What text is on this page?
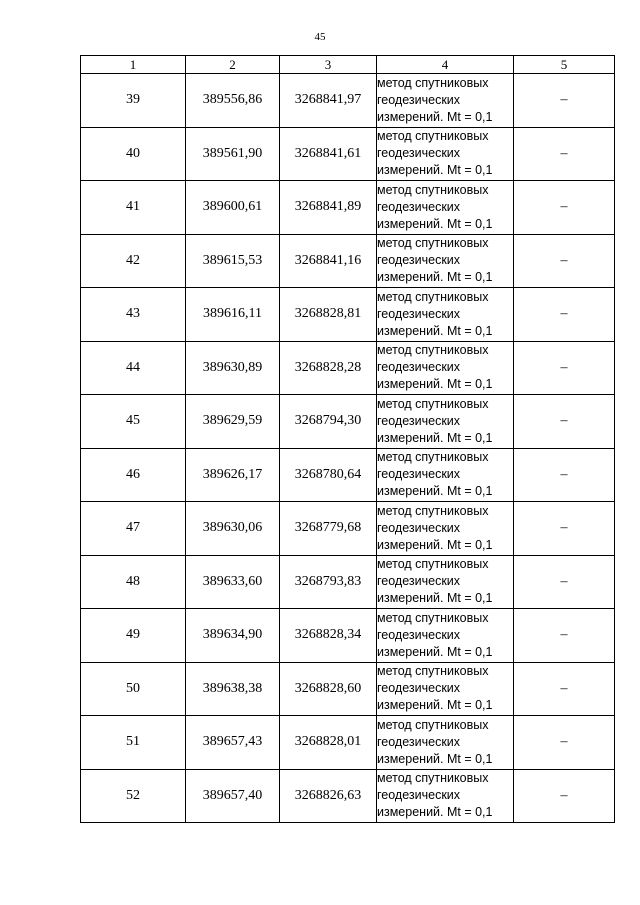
45
1	2	3	4	5
39	389556,86	3268841,97	метод спутниковых
геодезических
измерений. Mt = 0,1	–
40	389561,90	3268841,61	метод спутниковых
геодезических
измерений. Mt = 0,1	–
41	389600,61	3268841,89	метод спутниковых
геодезических
измерений. Mt = 0,1	–
42	389615,53	3268841,16	метод спутниковых
геодезических
измерений. Mt = 0,1	–
43	389616,11	3268828,81	метод спутниковых
геодезических
измерений. Mt = 0,1	–
44	389630,89	3268828,28	метод спутниковых
геодезических
измерений. Mt = 0,1	–
45	389629,59	3268794,30	метод спутниковых
геодезических
измерений. Mt = 0,1	–
46	389626,17	3268780,64	метод спутниковых
геодезических
измерений. Mt = 0,1	–
47	389630,06	3268779,68	метод спутниковых
геодезических
измерений. Mt = 0,1	–
48	389633,60	3268793,83	метод спутниковых
геодезических
измерений. Mt = 0,1	–
49	389634,90	3268828,34	метод спутниковых
геодезических
измерений. Mt = 0,1	–
50	389638,38	3268828,60	метод спутниковых
геодезических
измерений. Mt = 0,1	–
51	389657,43	3268828,01	метод спутниковых
геодезических
измерений. Mt = 0,1	–
52	389657,40	3268826,63	метод спутниковых
геодезических
измерений. Mt = 0,1	–
